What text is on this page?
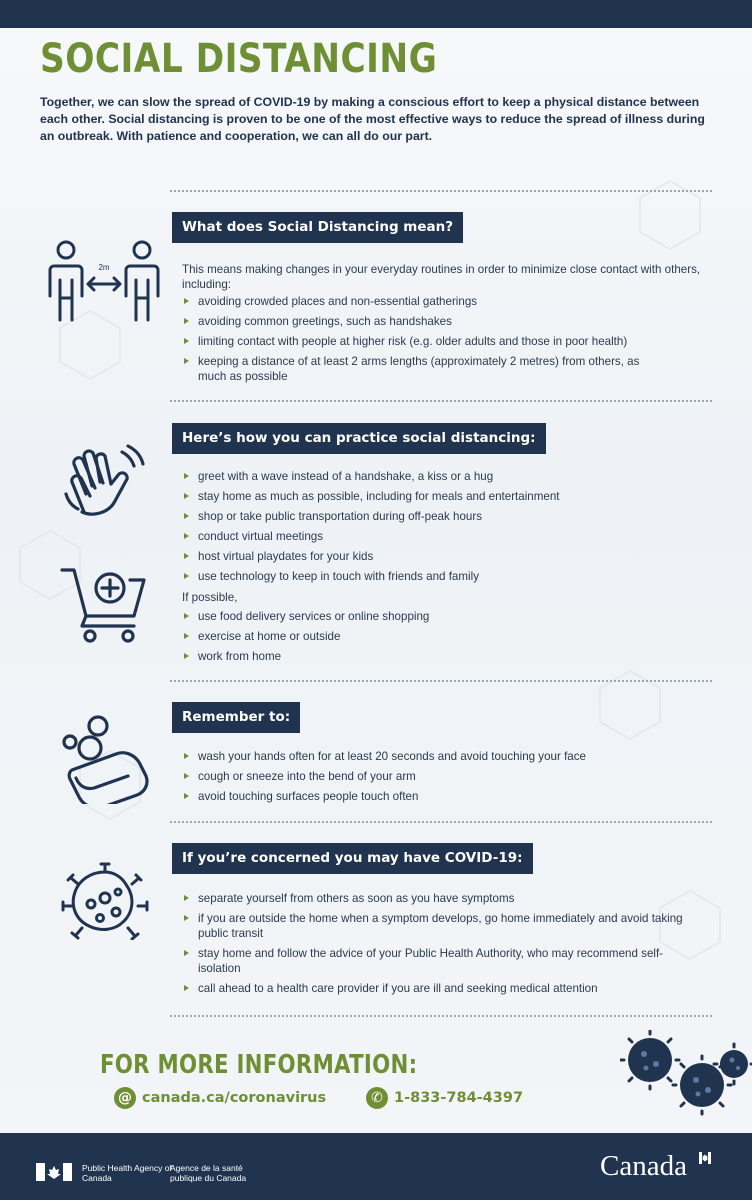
SOCIAL DISTANCING
Together, we can slow the spread of COVID-19 by making a conscious effort to keep a physical distance between each other. Social distancing is proven to be one of the most effective ways to reduce the spread of illness during an outbreak. With patience and cooperation, we can all do our part.
What does Social Distancing mean?
2m	This means making changes in your everyday routines in order to minimize close contact with others, including:
avoiding crowded places and non-essential gatherings
avoiding common greetings, such as handshakes
limiting contact with people at higher risk (e.g. older adults and those in poor health)
keeping a distance of at least 2 arms lengths (approximately 2 metres) from others, as much as possible
Here’s how you can practice social distancing:
greet with a wave instead of a handshake, a kiss or a hug
stay home as much as possible, including for meals and entertainment
shop or take public transportation during off-peak hours
conduct virtual meetings
host virtual playdates for your kids
use technology to keep in touch with friends and family
If possible,
use food delivery services or online shopping
exercise at home or outside
work from home
Remember to:
wash your hands often for at least 20 seconds and avoid touching your face
cough or sneeze into the bend of your arm
avoid touching surfaces people touch often
If you’re concerned you may have COVID-19:
separate yourself from others as soon as you have symptoms
if you are outside the home when a symptom develops, go home immediately and avoid taking public transit
stay home and follow the advice of your Public Health Authority, who may recommend self-isolation
call ahead to a health care provider if you are ill and seeking medical attention
FOR MORE INFORMATION:
@ canada.ca/coronavirus	✆ 1-833-784-4397
Public Health Agency of Canada
Agence de la santé publique du Canada	Canada
